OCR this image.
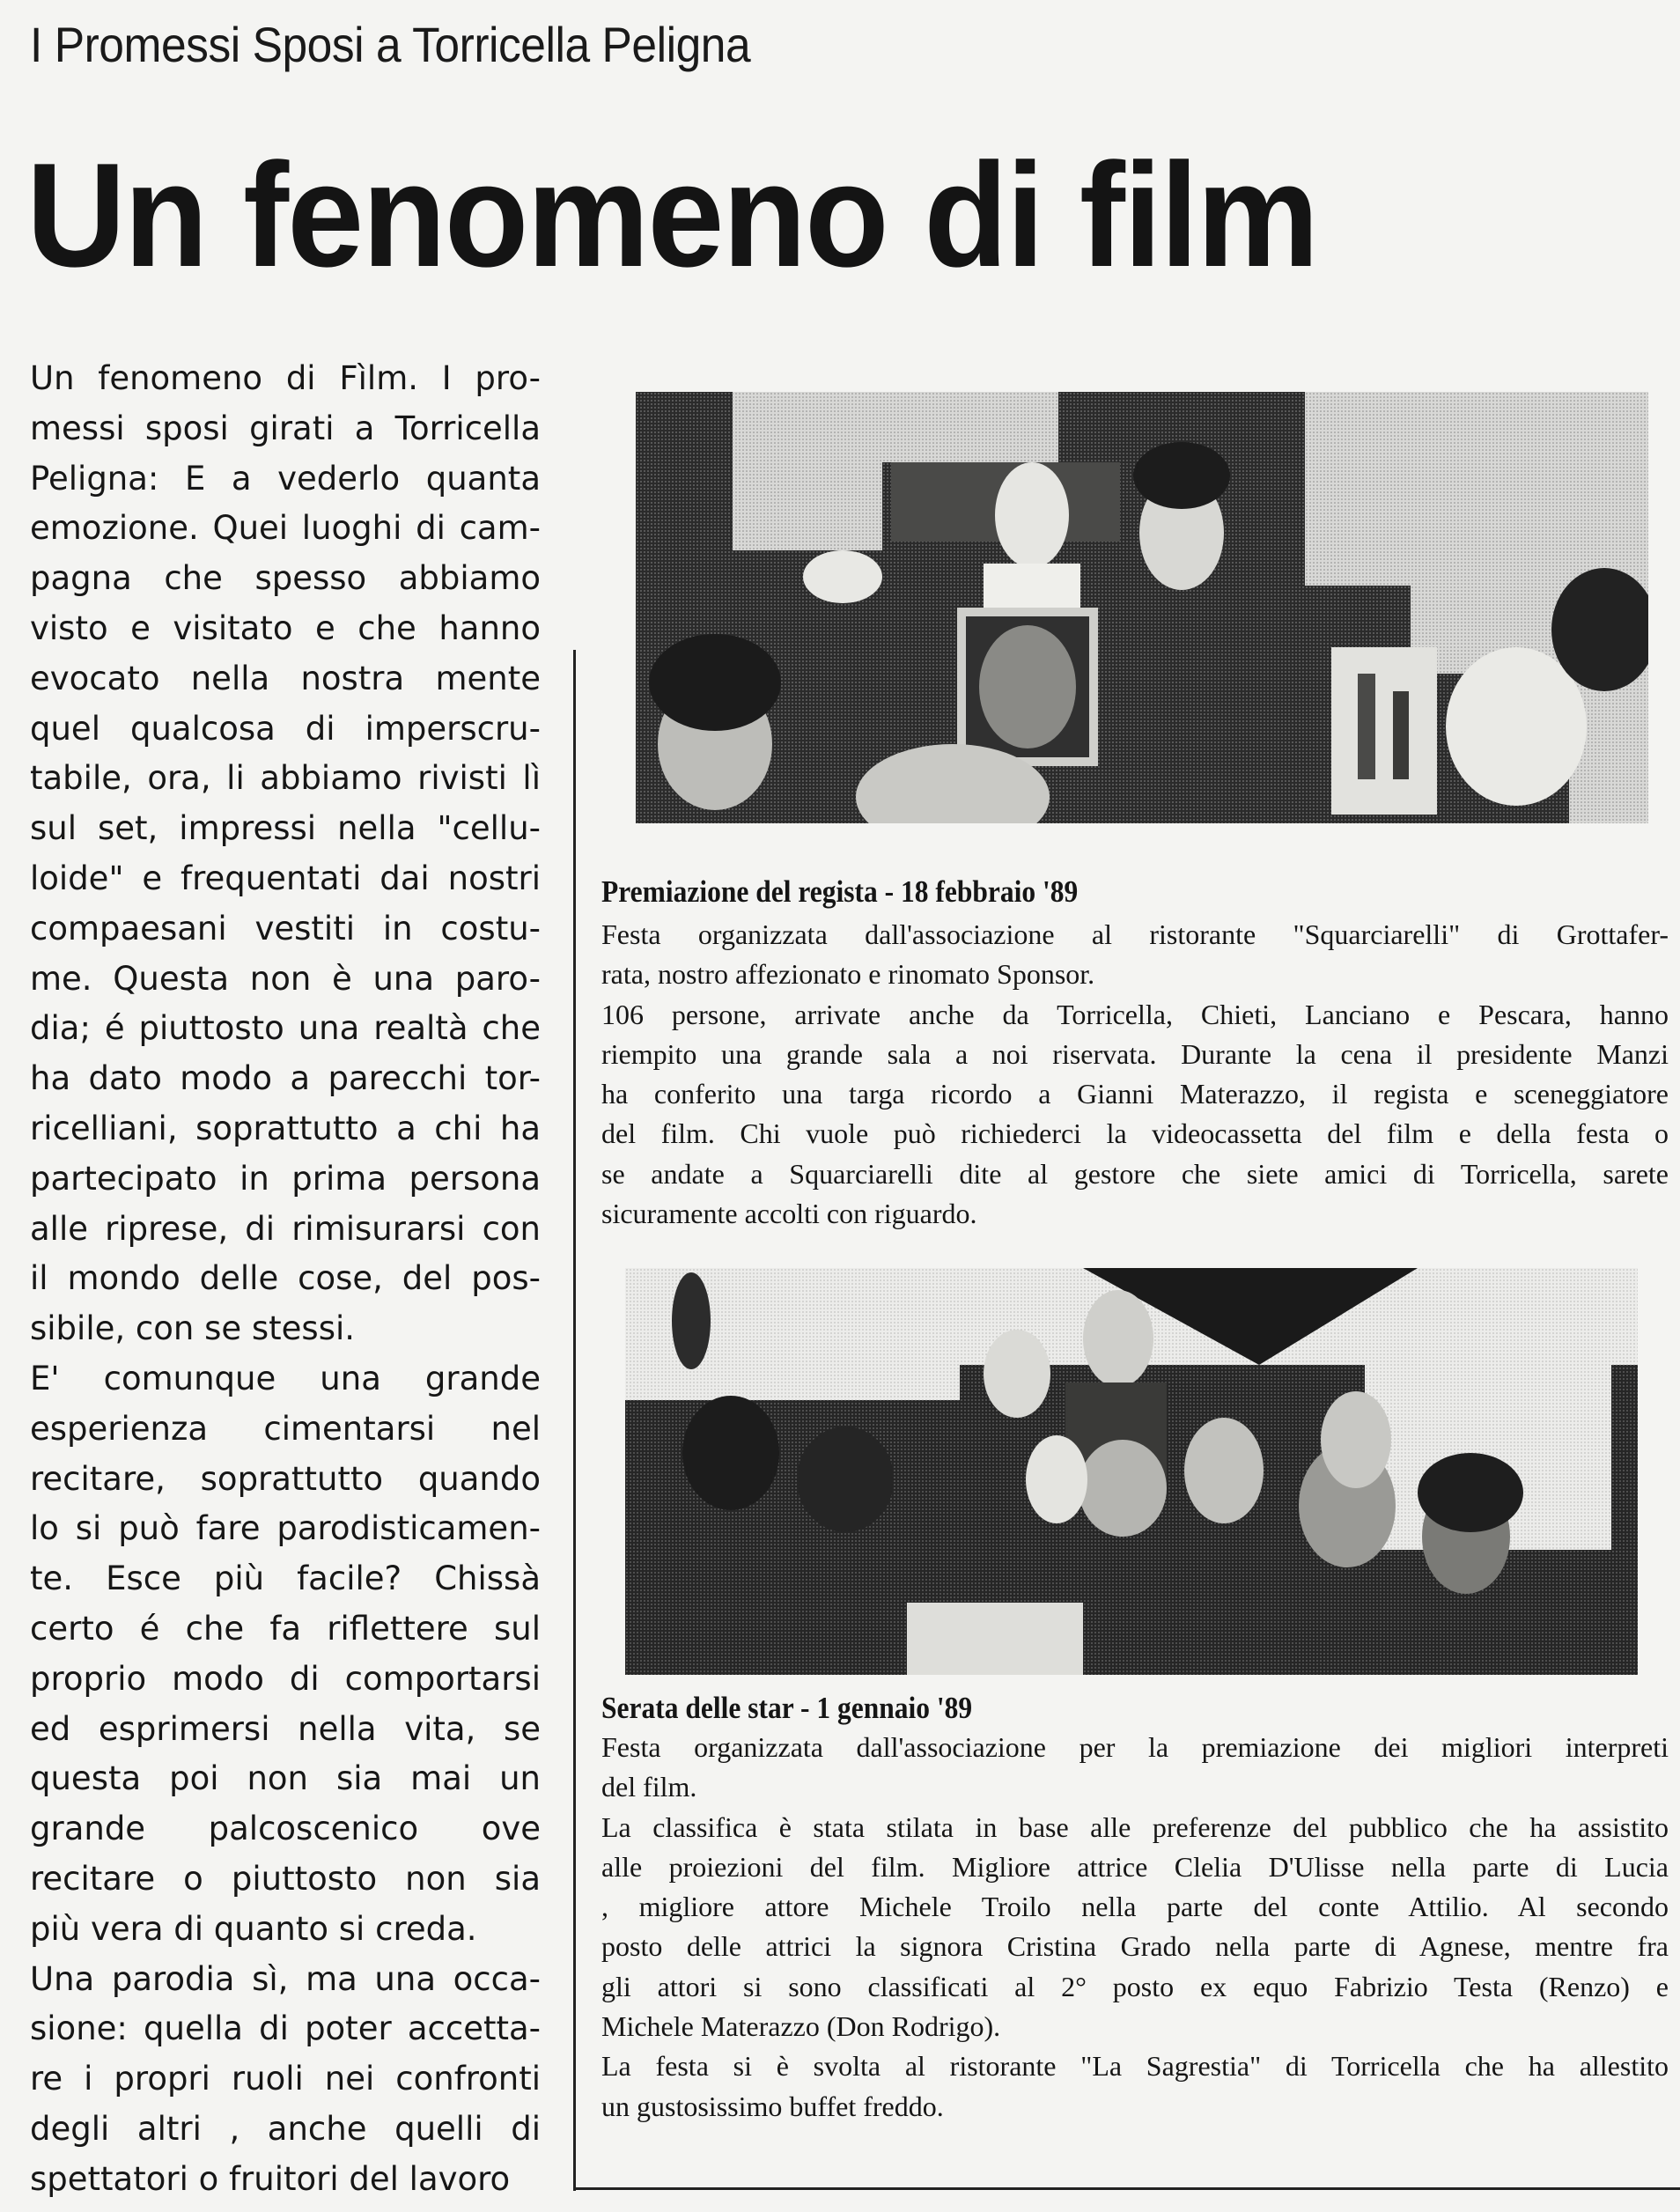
I Promessi Sposi a Torricella Peligna
Un fenomeno di film
Un fenomeno di Fìlm. I pro-
messi sposi girati a Torricella
Peligna: E a vederlo quanta
emozione. Quei luoghi di cam-
pagna che spesso abbiamo
visto e visitato e che hanno
evocato nella nostra mente
quel qualcosa di imperscru-
tabile, ora, li abbiamo rivisti lì
sul set, impressi nella "cellu-
loide" e frequentati dai nostri
compaesani vestiti in costu-
me. Questa non è una paro-
dia; é piuttosto una realtà che
ha dato modo a parecchi tor-
ricelliani, soprattutto a chi ha
partecipato in prima persona
alle riprese, di rimisurarsi con
il mondo delle cose, del pos-
sibile, con se stessi.
E' comunque una grande
esperienza cimentarsi nel
recitare, soprattutto quando
lo si può fare parodisticamen-
te. Esce più facile? Chissà
certo é che fa riflettere sul
proprio modo di comportarsi
ed esprimersi nella vita, se
questa poi non sia mai un
grande palcoscenico ove
recitare o piuttosto non sia
più vera di quanto si creda.
Una parodia sì, ma una occa-
sione: quella di poter accetta-
re i propri ruoli nei confronti
degli altri , anche quelli di
spettatori o fruitori del lavoro
Premiazione del regista - 18 febbraio '89
Festa organizzata dall'associazione al ristorante "Squarciarelli" di Grottafer-
rata, nostro affezionato e rinomato Sponsor.
106 persone, arrivate anche da Torricella, Chieti, Lanciano e Pescara, hanno
riempito una grande sala a noi riservata. Durante la cena il presidente Manzi
ha conferito una targa ricordo a Gianni Materazzo, il regista e sceneggiatore
del film. Chi vuole può richiederci la videocassetta del film e della festa o
se andate a Squarciarelli dite al gestore che siete amici di Torricella, sarete
sicuramente accolti con riguardo.
Serata delle star - 1 gennaio '89
Festa organizzata dall'associazione per la premiazione dei migliori interpreti
del film.
La classifica è stata stilata in base alle preferenze del pubblico che ha assistito
alle proiezioni del film. Migliore attrice Clelia D'Ulisse nella parte di Lucia
, migliore attore Michele Troilo nella parte del conte Attilio. Al secondo
posto delle attrici la signora Cristina Grado nella parte di Agnese, mentre fra
gli attori si sono classificati al 2° posto ex equo Fabrizio Testa (Renzo) e
Michele Materazzo (Don Rodrigo).
La festa si è svolta al ristorante "La Sagrestia" di Torricella che ha allestito
un gustosissimo buffet freddo.
